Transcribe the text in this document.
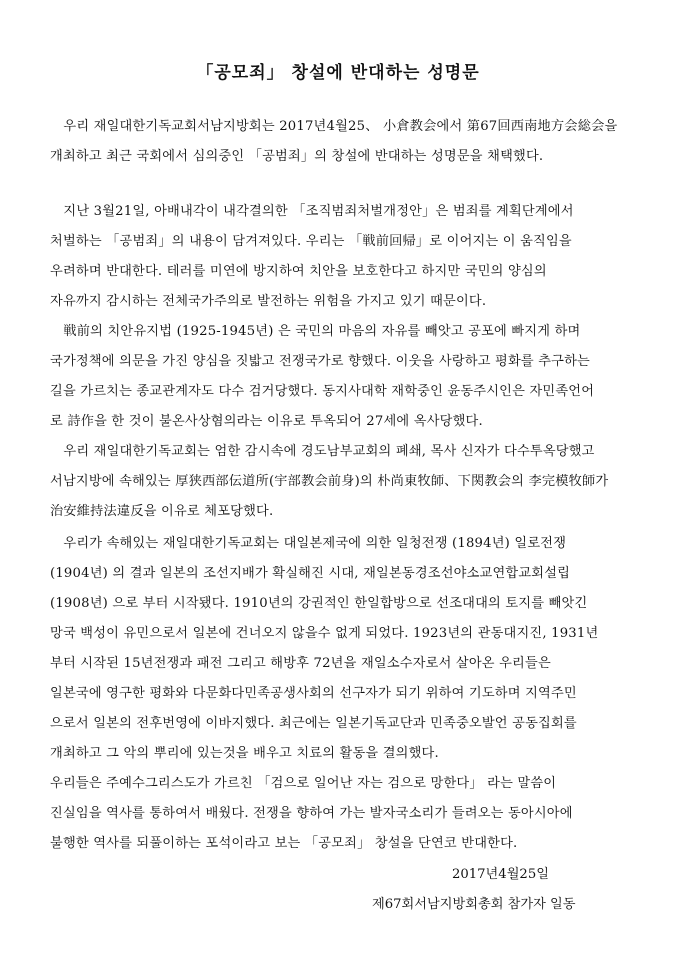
「공모죄」 창설에 반대하는 성명문
　우리 재일대한기독교회서남지방회는 2017년4월25、 小倉教会에서 第67回西南地方会総会을
개최하고 최근 국회에서 심의중인 「공범죄」의 창설에 반대하는 성명문을 채택했다.
　지난 3월21일, 아배내각이 내각결의한 「조직범죄처벌개정안」은 범죄를 계획단계에서
처벌하는 「공범죄」의 내용이 담겨져있다. 우리는 「戦前回帰」로 이어지는 이 움직임을
우려하며 반대한다. 테러를 미연에 방지하여 치안을 보호한다고 하지만 국민의 양심의
자유까지 감시하는 전체국가주의로 발전하는 위험을 가지고 있기 때문이다.
　戦前의 치안유지법 (1925-1945년) 은 국민의 마음의 자유를 빼앗고 공포에 빠지게 하며
국가정책에 의문을 가진 양심을 짓밟고 전쟁국가로 향했다. 이웃을 사랑하고 평화를 추구하는
길을 가르치는 종교관계자도 다수 검거당했다. 동지사대학 재학중인 윤동주시인은 자민족언어
로 詩作을 한 것이 불온사상혐의라는 이유로 투옥되어 27세에 옥사당했다.
　우리 재일대한기독교회는 엄한 감시속에 경도남부교회의 폐쇄, 목사 신자가 다수투옥당했고
서남지방에 속해있는 厚狭西部伝道所(宇部教会前身)의 朴尚東牧師、下関教会의 李完模牧師가
治安維持法違反을 이유로 체포당했다.
　우리가 속해있는 재일대한기독교회는 대일본제국에 의한 일청전쟁 (1894년) 일로전쟁
(1904년) 의 결과 일본의 조선지배가 확실해진 시대, 재일본동경조선야소교연합교회설립
(1908년) 으로 부터 시작됐다. 1910년의 강권적인 한일합방으로 선조대대의 토지를 빼앗긴
망국 백성이 유민으로서 일본에 건너오지 않을수 없게 되었다. 1923년의 관동대지진, 1931년
부터 시작된 15년전쟁과 패전 그리고 해방후 72년을 재일소수자로서 살아온 우리들은
일본국에 영구한 평화와 다문화다민족공생사회의 선구자가 되기 위하여 기도하며 지역주민
으로서 일본의 전후번영에 이바지했다. 최근에는 일본기독교단과 민족중오발언 공동집회를
개최하고 그 악의 뿌리에 있는것을 배우고 치료의 활동을 결의했다.
우리들은 주예수그리스도가 가르친 「검으로 일어난 자는 검으로 망한다」 라는 말씀이
진실임을 역사를 통하여서 배웠다. 전쟁을 향하여 가는 발자국소리가 들려오는 동아시아에
불행한 역사를 되풀이하는 포석이라고 보는 「공모죄」 창설을 단연코 반대한다.
2017년4월25일
제67회서남지방회총회 참가자 일동
